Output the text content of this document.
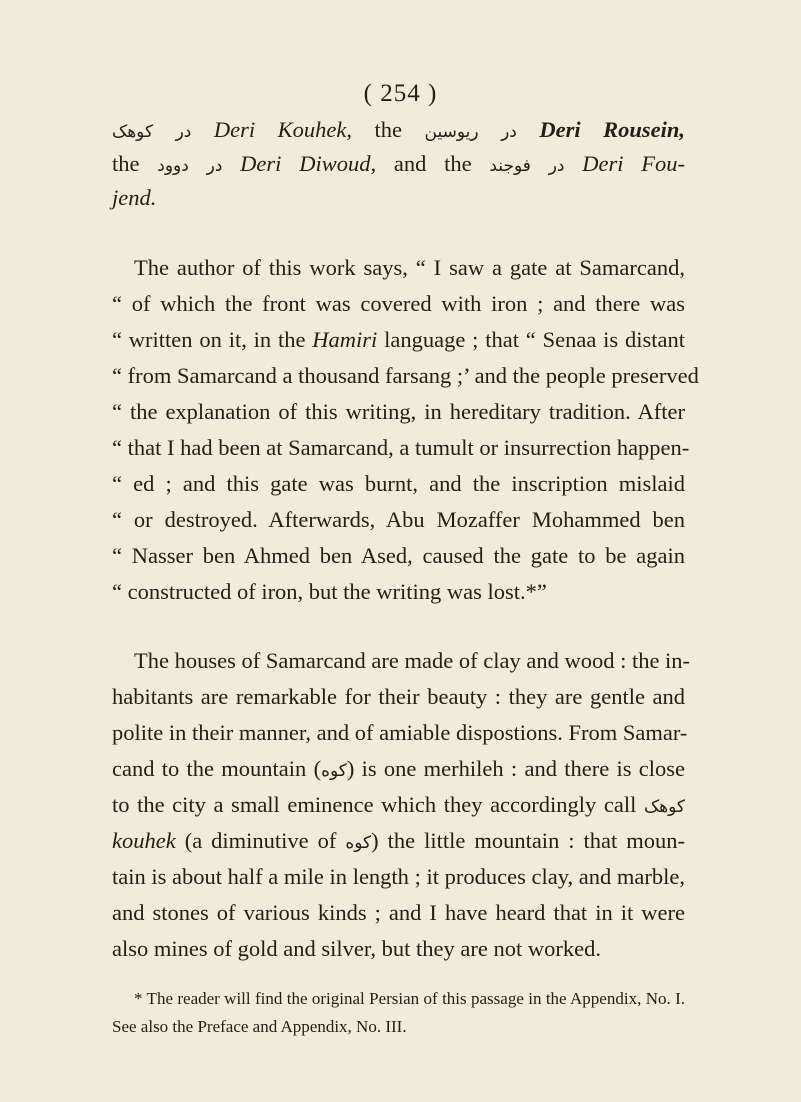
( 254 )
کوهک در Deri Kouhek, the ریوسین در Deri Rousein,
the دوود در Deri Diwoud, and the فوجند در Deri Fou-
jend.
The author of this work says, “ I saw a gate at Samarcand,
“ of which the front was covered with iron ; and there was
“ written on it, in the Hamiri language ; that “ Senaa is distant
“ from Samarcand a thousand farsang ;’ and the people preserved
“ the explanation of this writing, in hereditary tradition. After
“ that I had been at Samarcand, a tumult or insurrection happen-
“ ed ; and this gate was burnt, and the inscription mislaid
“ or destroyed. Afterwards, Abu Mozaffer Mohammed ben
“ Nasser ben Ahmed ben Ased, caused the gate to be again
“ constructed of iron, but the writing was lost.*”
The houses of Samarcand are made of clay and wood : the in-
habitants are remarkable for their beauty : they are gentle and
polite in their manner, and of amiable dispostions. From Samar-
cand to the mountain (کوه) is one merhileh : and there is close
to the city a small eminence which they accordingly call کوهک
kouhek (a diminutive of کوه) the little mountain : that moun-
tain is about half a mile in length ; it produces clay, and marble,
and stones of various kinds ; and I have heard that in it were
also mines of gold and silver, but they are not worked.
* The reader will find the original Persian of this passage in the Appendix, No. I.
See also the Preface and Appendix, No. III.
